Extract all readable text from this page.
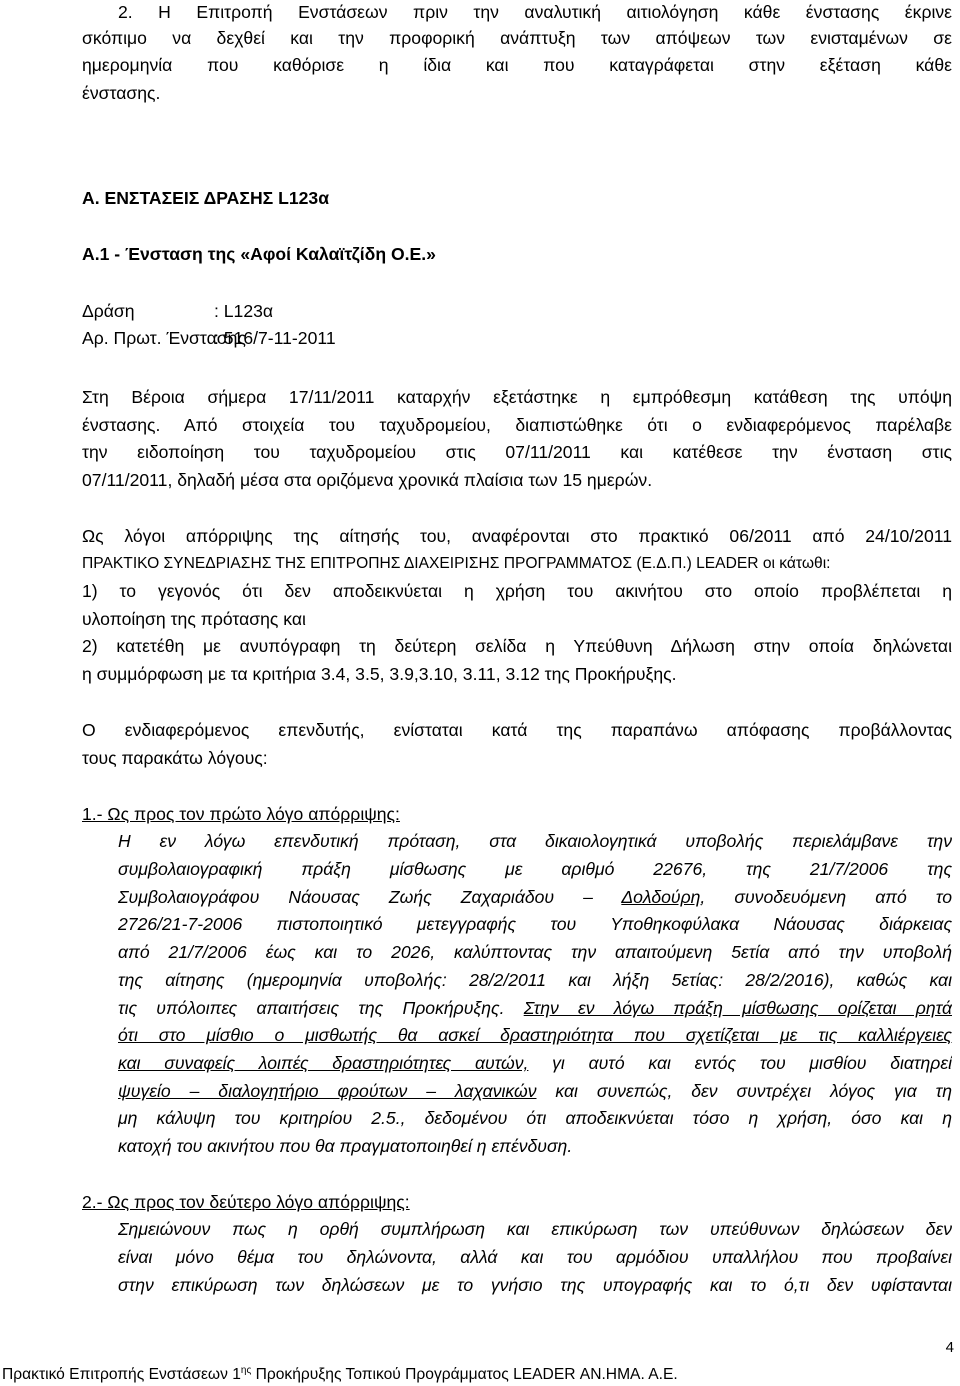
2. Η Επιτροπή Ενστάσεων πριν την αναλυτική αιτιολόγηση κάθε ένστασης έκρινε
σκόπιμο να δεχθεί και την προφορική ανάπτυξη των απόψεων των ενισταμένων σε
ημερομηνία που καθόρισε η ίδια και που καταγράφεται στην εξέταση κάθε
ένστασης.
Α. ΕΝΣΤΑΣΕΙΣ ΔΡΑΣΗΣ L123α
Α.1 - Ένσταση της «Αφοί Καλαϊτζίδη Ο.Ε.»
Δράση	: L123α
Αρ. Πρωτ. Ένστασης: 516/7-11-2011
Στη Βέροια σήμερα 17/11/2011 καταρχήν εξετάστηκε η εμπρόθεσμη κατάθεση της υπόψη
ένστασης. Από στοιχεία του ταχυδρομείου, διαπιστώθηκε ότι ο ενδιαφερόμενος παρέλαβε
την ειδοποίηση του ταχυδρομείου στις 07/11/2011 και κατέθεσε την ένσταση στις
07/11/2011, δηλαδή μέσα στα οριζόμενα χρονικά πλαίσια των 15 ημερών.
Ως λόγοι απόρριψης της αίτησής του, αναφέρονται στο πρακτικό 06/2011 από 24/10/2011
ΠΡΑΚΤΙΚΟ ΣΥΝΕΔΡΙΑΣΗΣ ΤΗΣ ΕΠΙΤΡΟΠΗΣ ΔΙΑΧΕΙΡΙΣΗΣ ΠΡΟΓΡΑΜΜΑΤΟΣ (Ε.Δ.Π.) LEADER οι κάτωθι:
1) το γεγονός ότι δεν αποδεικνύεται η χρήση του ακινήτου στο οποίο προβλέπεται η
υλοποίηση της πρότασης και
2) κατετέθη με ανυπόγραφη τη δεύτερη σελίδα η Υπεύθυνη Δήλωση στην οποία δηλώνεται
η συμμόρφωση με τα κριτήρια 3.4, 3.5, 3.9,3.10, 3.11, 3.12 της Προκήρυξης.
Ο ενδιαφερόμενος επενδυτής, ενίσταται κατά της παραπάνω απόφασης προβάλλοντας
τους παρακάτω λόγους:
1.- Ως προς τον πρώτο λόγο απόρριψης:
Η εν λόγω επενδυτική πρόταση, στα δικαιολογητικά υποβολής περιελάμβανε την
συμβολαιογραφική πράξη μίσθωσης με αριθμό 22676, της 21/7/2006 της
Συμβολαιογράφου Νάουσας Ζωής Ζαχαριάδου – Δολδούρη, συνοδευόμενη από το
2726/21-7-2006 πιστοποιητικό μετεγγραφής του Υποθηκοφύλακα Νάουσας διάρκειας
από 21/7/2006 έως και το 2026, καλύπτοντας την απαιτούμενη 5ετία από την υποβολή
της αίτησης (ημερομηνία υποβολής: 28/2/2011 και λήξη 5ετίας: 28/2/2016), καθώς και
τις υπόλοιπες απαιτήσεις της Προκήρυξης. Στην εν λόγω πράξη μίσθωσης ορίζεται ρητά
ότι στο μίσθιο ο μισθωτής θα ασκεί δραστηριότητα που σχετίζεται με τις καλλιέργειες
και συναφείς λοιπές δραστηριότητες αυτών, γι αυτό και εντός του μισθίου διατηρεί
ψυγείο – διαλογητήριο φρούτων – λαχανικών και συνεπώς, δεν συντρέχει λόγος για τη
μη κάλυψη του κριτηρίου 2.5., δεδομένου ότι αποδεικνύεται τόσο η χρήση, όσο και η
κατοχή του ακινήτου που θα πραγματοποιηθεί η επένδυση.
2.- Ως προς τον δεύτερο λόγο απόρριψης:
Σημειώνουν πως η ορθή συμπλήρωση και επικύρωση των υπεύθυνων δηλώσεων δεν
είναι μόνο θέμα του δηλώνοντα, αλλά και του αρμόδιου υπαλλήλου που προβαίνει
στην επικύρωση των δηλώσεων με το γνήσιο της υπογραφής και το ό,τι δεν υφίστανται
4
Πρακτικό Επιτροπής Ενστάσεων $1^{\eta\varsigma}$ Προκήρυξης Τοπικού Προγράμματος LEADER ΑΝ.ΗΜΑ. Α.Ε.
